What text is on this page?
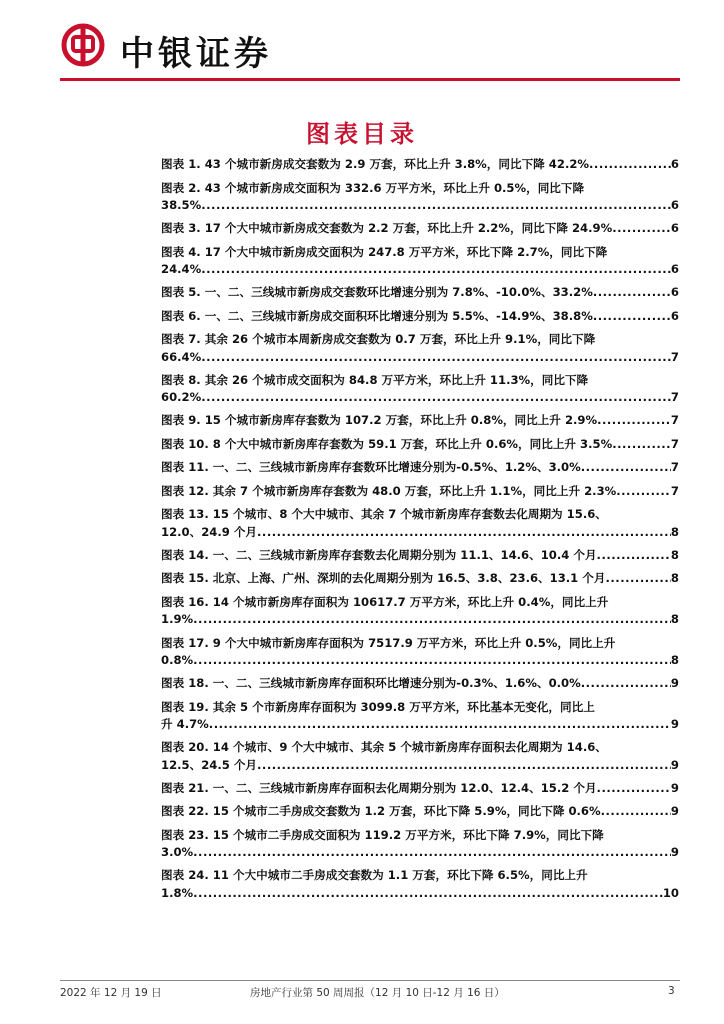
中银证券
图表目录
图表 1. 43 个城市新房成交套数为 2.9 万套，环比上升 3.8%，同比下降 42.2% .....	6
图表 2. 43 个城市新房成交面积为 332.6 万平方米，环比上升 0.5%，同比下降
38.5% .....	6
图表 3. 17 个大中城市新房成交套数为 2.2 万套，环比上升 2.2%，同比下降 24.9% .....	6
图表 4. 17 个大中城市新房成交面积为 247.8 万平方米，环比下降 2.7%，同比下降
24.4% .....	6
图表 5. 一、二、三线城市新房成交套数环比增速分别为 7.8%、-10.0%、33.2% .....	6
图表 6. 一、二、三线城市新房成交面积环比增速分别为 5.5%、-14.9%、38.8% .....	6
图表 7. 其余 26 个城市本周新房成交套数为 0.7 万套，环比上升 9.1%，同比下降
66.4% .....	7
图表 8. 其余 26 个城市成交面积为 84.8 万平方米，环比上升 11.3%，同比下降
60.2% .....	7
图表 9. 15 个城市新房库存套数为 107.2 万套，环比上升 0.8%，同比上升 2.9% .....	7
图表 10. 8 个大中城市新房库存套数为 59.1 万套，环比上升 0.6%，同比上升 3.5% .....	7
图表 11. 一、二、三线城市新房库存套数环比增速分别为-0.5%、1.2%、3.0% .....	7
图表 12. 其余 7 个城市新房库存套数为 48.0 万套，环比上升 1.1%，同比上升 2.3% .....	7
图表 13. 15 个城市、8 个大中城市、其余 7 个城市新房库存套数去化周期为 15.6、
12.0、24.9 个月 .....	8
图表 14. 一、二、三线城市新房库存套数去化周期分别为 11.1、14.6、10.4 个月 .....	8
图表 15. 北京、上海、广州、深圳的去化周期分别为 16.5、3.8、23.6、13.1 个月 .....	8
图表 16. 14 个城市新房库存面积为 10617.7 万平方米，环比上升 0.4%，同比上升
1.9% .....	8
图表 17. 9 个大中城市新房库存面积为 7517.9 万平方米，环比上升 0.5%，同比上升
0.8% .....	8
图表 18. 一、二、三线城市新房库存面积环比增速分别为-0.3%、1.6%、0.0% .....	9
图表 19. 其余 5 个市新房库存面积为 3099.8 万平方米，环比基本无变化，同比上
升 4.7% .....	9
图表 20. 14 个城市、9 个大中城市、其余 5 个城市新房库存面积去化周期为 14.6、
12.5、24.5 个月 .....	9
图表 21. 一、二、三线城市新房库存面积去化周期分别为 12.0、12.4、15.2 个月 .....	9
图表 22. 15 个城市二手房成交套数为 1.2 万套，环比下降 5.9%，同比下降 0.6% .....	9
图表 23. 15 个城市二手房成交面积为 119.2 万平方米，环比下降 7.9%，同比下降
3.0% .....	9
图表 24. 11 个大中城市二手房成交套数为 1.1 万套，环比下降 6.5%，同比上升
1.8% .....	10
2022 年 12 月 19 日	房地产行业第 50 周周报（12 月 10 日-12 月 16 日）	3
